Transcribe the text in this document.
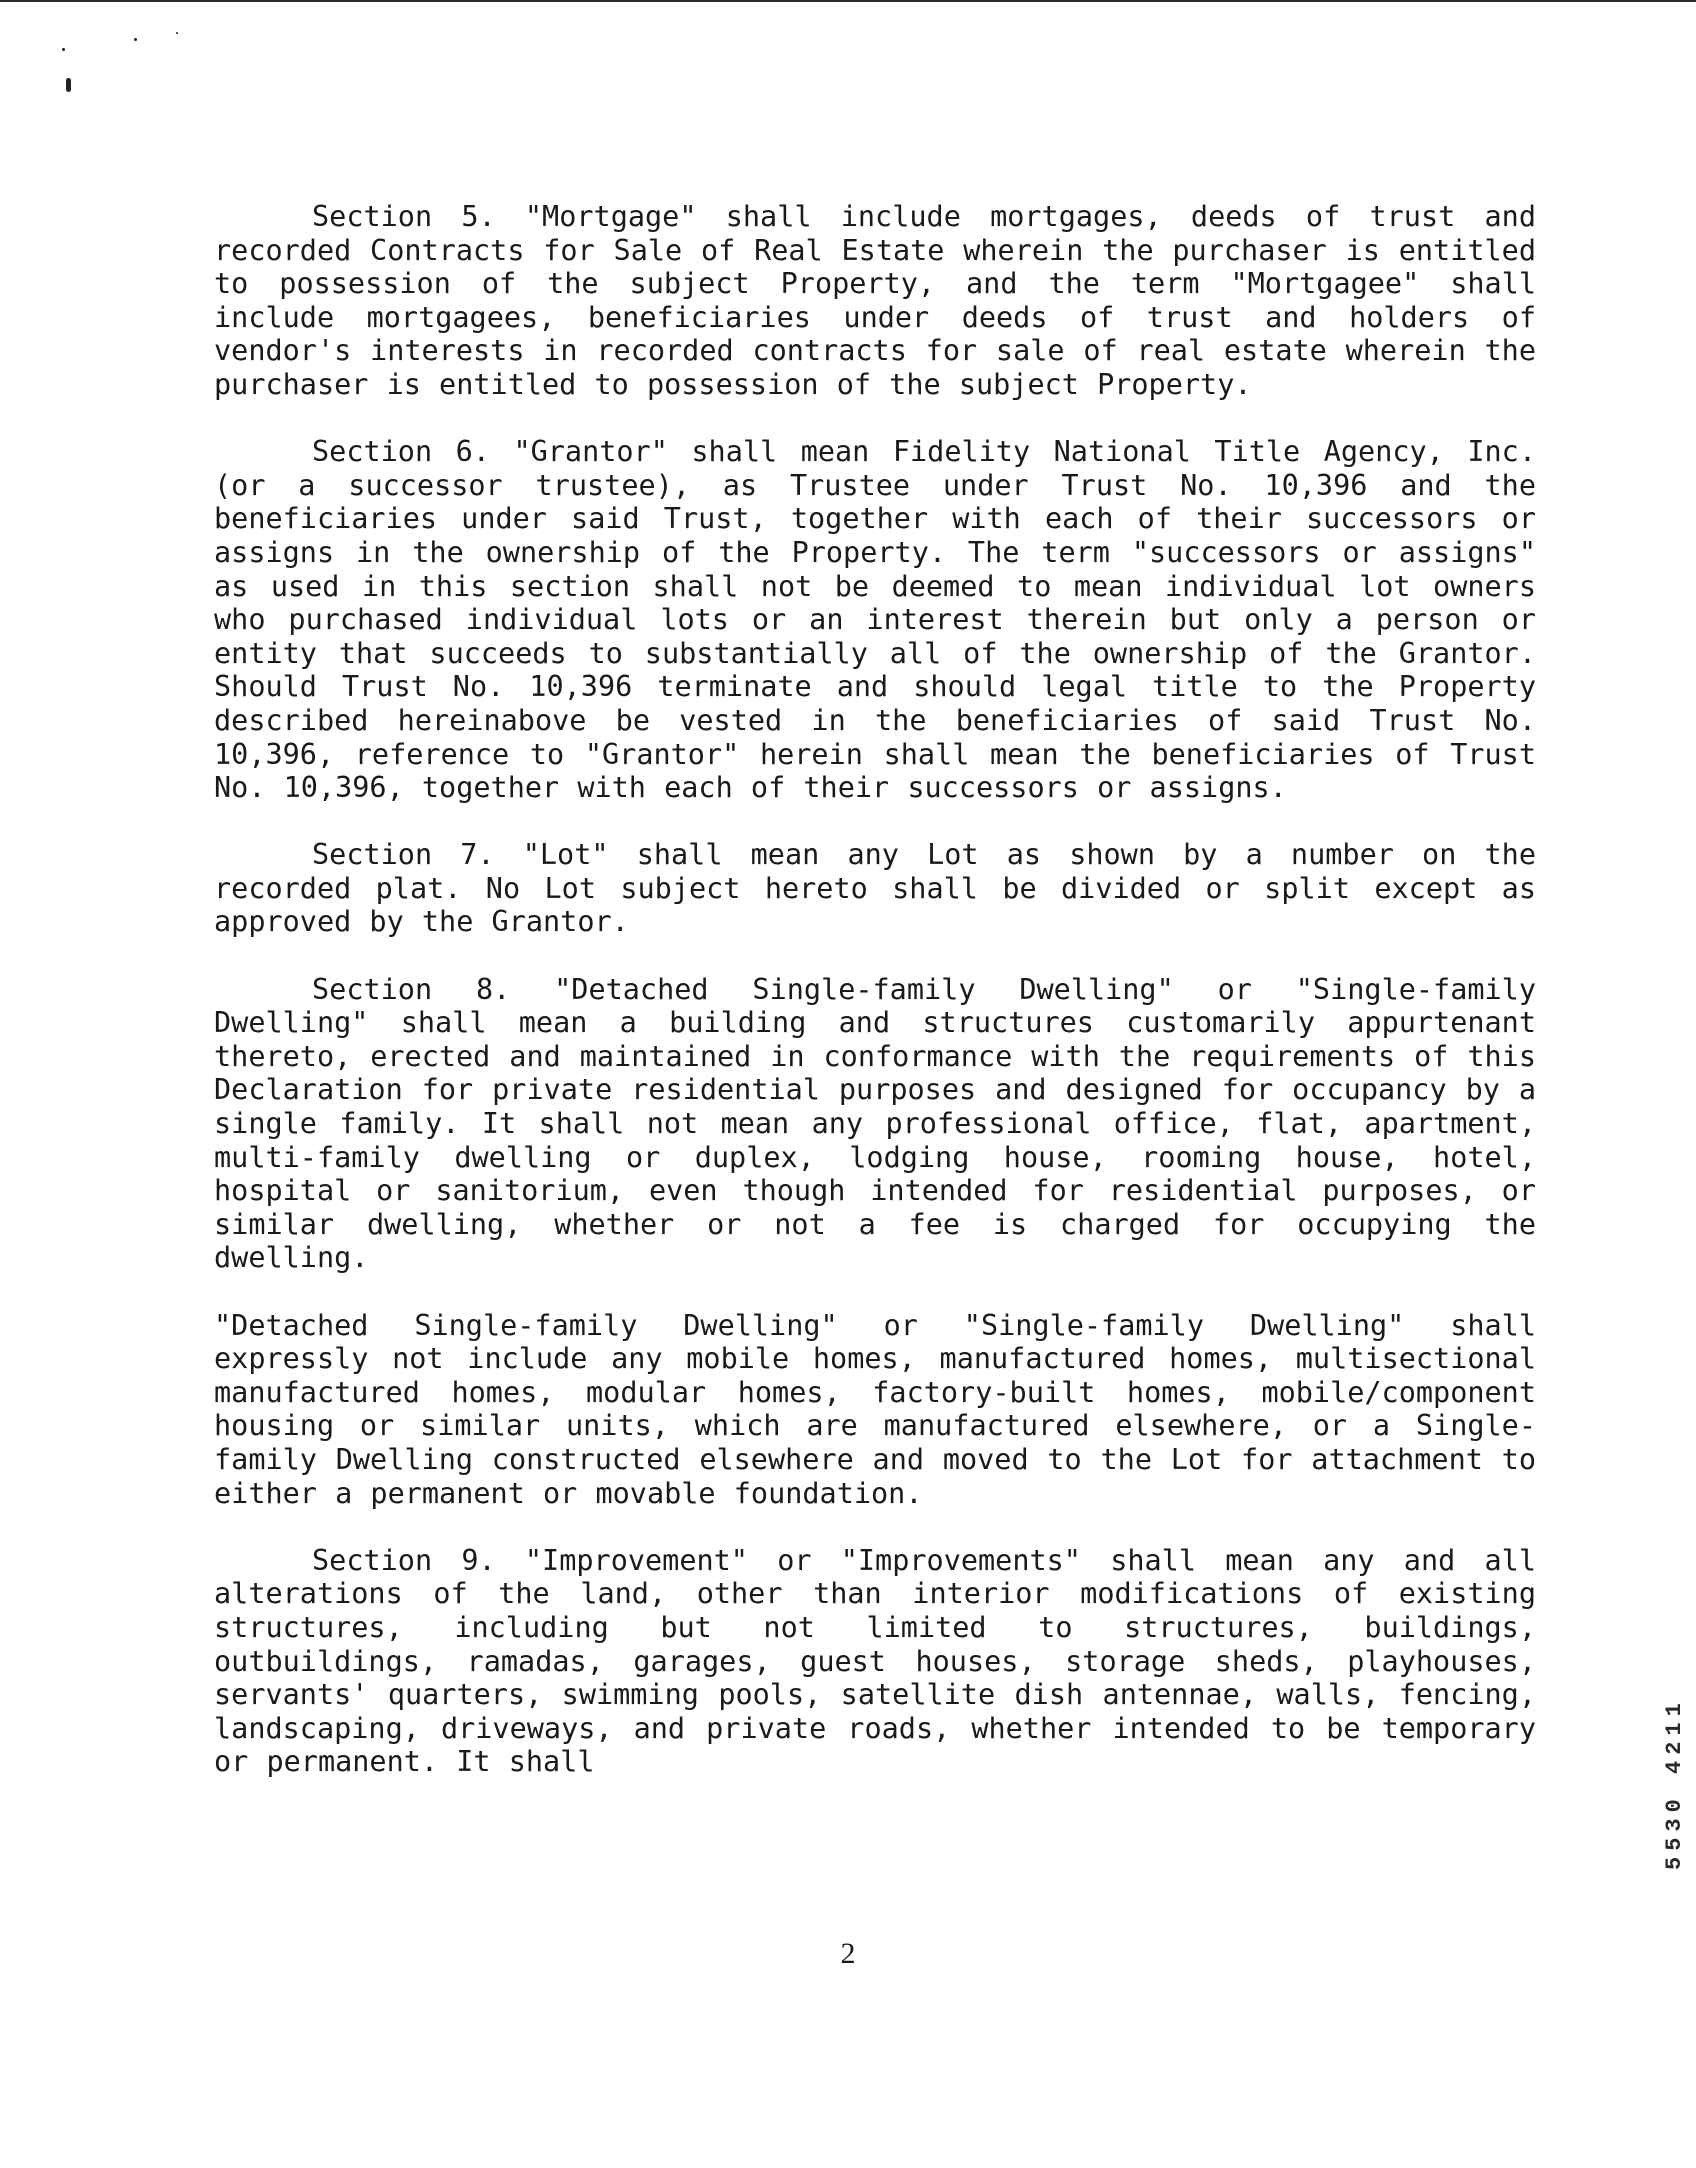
Section 5. "Mortgage" shall include mortgages, deeds of trust and recorded Contracts for Sale of Real Estate wherein the purchaser is entitled to possession of the subject Property, and the term "Mortgagee" shall include mortgagees, beneficiaries under deeds of trust and holders of vendor's interests in recorded contracts for sale of real estate wherein the purchaser is entitled to possession of the subject Property.

Section 6. "Grantor" shall mean Fidelity National Title Agency, Inc. (or a successor trustee), as Trustee under Trust No. 10,396 and the beneficiaries under said Trust, together with each of their successors or assigns in the ownership of the Property. The term "successors or assigns" as used in this section shall not be deemed to mean individual lot owners who purchased individual lots or an interest therein but only a person or entity that succeeds to substantially all of the ownership of the Grantor. Should Trust No. 10,396 terminate and should legal title to the Property described hereinabove be vested in the beneficiaries of said Trust No. 10,396, reference to "Grantor" herein shall mean the beneficiaries of Trust No. 10,396, together with each of their successors or assigns.

Section 7. "Lot" shall mean any Lot as shown by a number on the recorded plat. No Lot subject hereto shall be divided or split except as approved by the Grantor.

Section 8. "Detached Single-family Dwelling" or "Single-family Dwelling" shall mean a building and structures customarily appurtenant thereto, erected and maintained in conformance with the requirements of this Declaration for private residential purposes and designed for occupancy by a single family. It shall not mean any professional office, flat, apartment, multi-family dwelling or duplex, lodging house, rooming house, hotel, hospital or sanitorium, even though intended for residential purposes, or similar dwelling, whether or not a fee is charged for occupying the dwelling.

"Detached Single-family Dwelling" or "Single-family Dwelling" shall expressly not include any mobile homes, manufactured homes, multisectional manufactured homes, modular homes, factory-built homes, mobile/component housing or similar units, which are manufactured elsewhere, or a Single-family Dwelling constructed elsewhere and moved to the Lot for attachment to either a permanent or movable foundation.

Section 9. "Improvement" or "Improvements" shall mean any and all alterations of the land, other than interior modifications of existing structures, including but not limited to structures, buildings, outbuildings, ramadas, garages, guest houses, storage sheds, playhouses, servants' quarters, swimming pools, satellite dish antennae, walls, fencing, landscaping, driveways, and private roads, whether intended to be temporary or permanent. It shall

2
5530 4211
